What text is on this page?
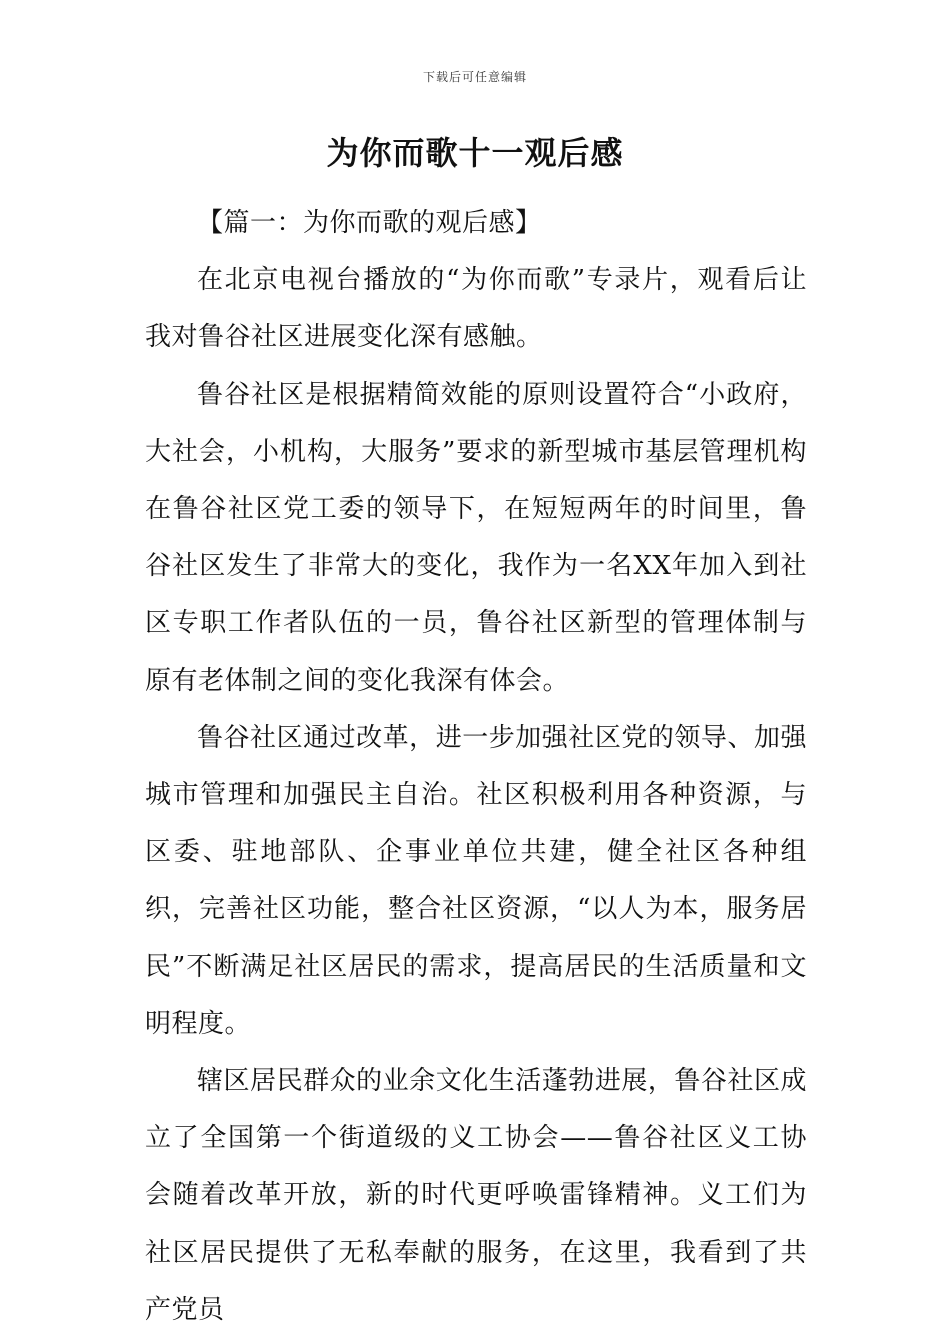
下载后可任意编辑
为你而歌十一观后感

【篇一：为你而歌的观后感】

在北京电视台播放的“为你而歌”专录片，观看后让我对鲁谷社区进展变化深有感触。

鲁谷社区是根据精简效能的原则设置符合“小政府，大社会，小机构，大服务”要求的新型城市基层管理机构在鲁谷社区党工委的领导下，在短短两年的时间里，鲁谷社区发生了非常大的变化，我作为一名XX年加入到社区专职工作者队伍的一员，鲁谷社区新型的管理体制与原有老体制之间的变化我深有体会。

鲁谷社区通过改革，进一步加强社区党的领导、加强城市管理和加强民主自治。社区积极利用各种资源，与区委、驻地部队、企事业单位共建，健全社区各种组织，完善社区功能，整合社区资源，“以人为本，服务居民”不断满足社区居民的需求，提高居民的生活质量和文明程度。

辖区居民群众的业余文化生活蓬勃进展，鲁谷社区成立了全国第一个街道级的义工协会——鲁谷社区义工协会随着改革开放，新的时代更呼唤雷锋精神。义工们为社区居民提供了无私奉献的服务，在这里，我看到了共产党员
